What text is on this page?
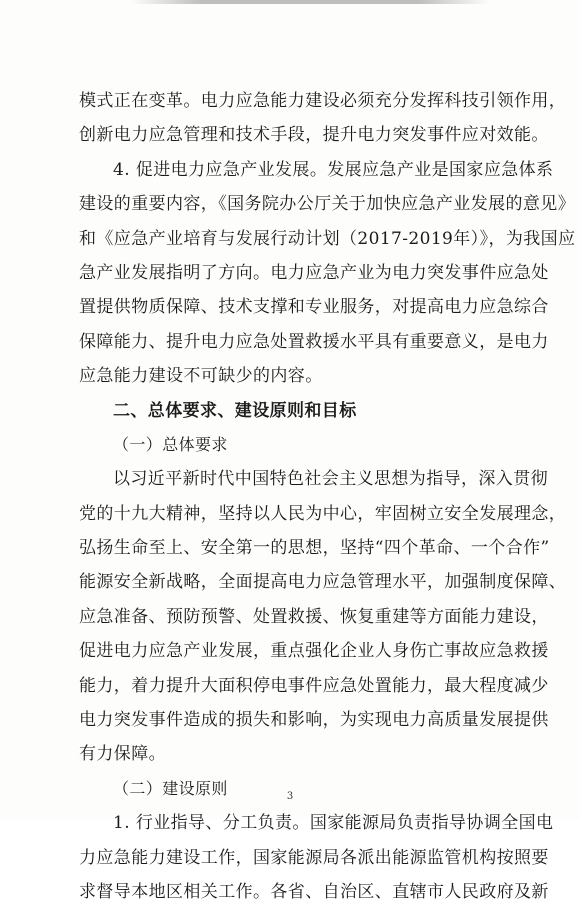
模式正在变革。电力应急能力建设必须充分发挥科技引领作用，
创新电力应急管理和技术手段，提升电力突发事件应对效能。
4. 促进电力应急产业发展。发展应急产业是国家应急体系
建设的重要内容，《国务院办公厅关于加快应急产业发展的意见》
和《应急产业培育与发展行动计划（2017-2019年）》，为我国应
急产业发展指明了方向。电力应急产业为电力突发事件应急处
置提供物质保障、技术支撑和专业服务，对提高电力应急综合
保障能力、提升电力应急处置救援水平具有重要意义，是电力
应急能力建设不可缺少的内容。
二、总体要求、建设原则和目标
（一）总体要求
以习近平新时代中国特色社会主义思想为指导，深入贯彻
党的十九大精神，坚持以人民为中心，牢固树立安全发展理念，
弘扬生命至上、安全第一的思想，坚持“四个革命、一个合作”
能源安全新战略，全面提高电力应急管理水平，加强制度保障、
应急准备、预防预警、处置救援、恢复重建等方面能力建设，
促进电力应急产业发展，重点强化企业人身伤亡事故应急救援
能力，着力提升大面积停电事件应急处置能力，最大程度减少
电力突发事件造成的损失和影响，为实现电力高质量发展提供
有力保障。
（二）建设原则
1. 行业指导、分工负责。国家能源局负责指导协调全国电
力应急能力建设工作，国家能源局各派出能源监管机构按照要
求督导本地区相关工作。各省、自治区、直辖市人民政府及新
3
